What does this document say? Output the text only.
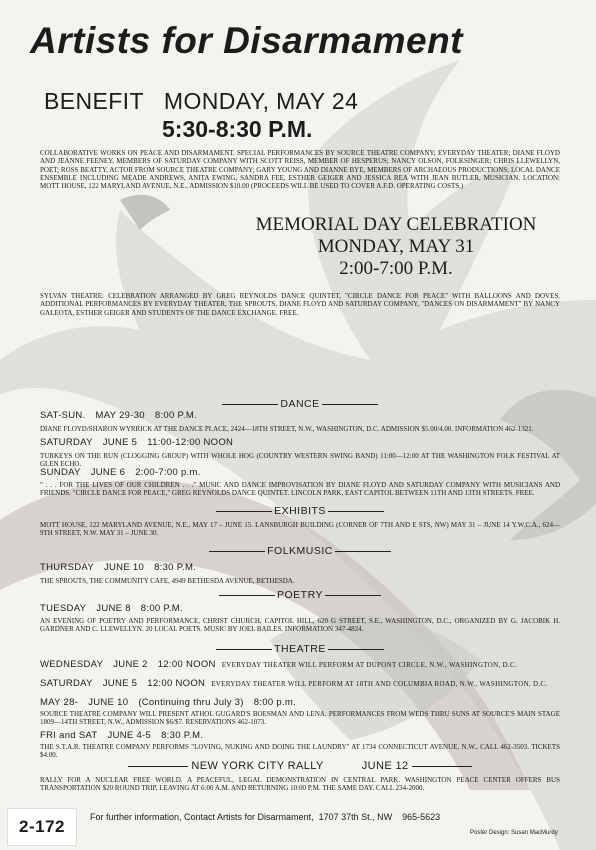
Artists for Disarmament
BENEFIT MONDAY, MAY 24
5:30-8:30 P.M.
COLLABORATIVE WORKS ON PEACE AND DISARMAMENT. SPECIAL PERFORMANCES BY SOURCE THEATRE COMPANY; EVERYDAY THEATER; DIANE FLOYD AND JEANNE FEENEY, MEMBERS OF SATURDAY COMPANY WITH SCOTT REISS, MEMBER OF HESPERUS; NANCY OLSON, FOLKSINGER; CHRIS LLEWELLYN, POET; ROSS BEATTY, ACTOR FROM SOURCE THEATRE COMPANY; GARY YOUNG AND DIANNE BYE, MEMBERS OF ARCHAEOUS PRODUCTIONS; LOCAL DANCE ENSEMBLE INCLUDING MEADE ANDREWS, ANITA EWING, SANDRA FEE, ESTHER GEIGER AND JESSICA REA WITH JEAN BUTLER, MUSICIAN. LOCATION: MOTT HOUSE, 122 MARYLAND AVENUE, N.E., ADMISSION $10.00 (PROCEEDS WILL BE USED TO COVER A.F.D. OPERATING COSTS.)
MEMORIAL DAY CELEBRATION
MONDAY, MAY 31
2:00-7:00 P.M.
SYLVAN THEATRE: CELEBRATION ARRANGED BY GREG REYNOLDS DANCE QUINTET, "CIRCLE DANCE FOR PEACE" WITH BALLOONS AND DOVES. ADDITIONAL PERFORMANCES BY EVERYDAY THEATER, THE SPROUTS, DIANE FLOYD AND SATURDAY COMPANY, "DANCES ON DISARMAMENT" BY NANCY GALEOTA, ESTHER GEIGER AND STUDENTS OF THE DANCE EXCHANGE. FREE.
DANCE
SAT-SUN. MAY 29-30 8:00 P.M.
DIANE FLOYD/SHARON WYRRICK AT THE DANCE PLACE, 2424—18TH STREET, N.W., WASHINGTON, D.C. ADMISSION $5.00/4.00. INFORMATION 462-1321.
SATURDAY JUNE 5 11:00-12:00 NOON
TURKEYS ON THE RUN (CLOGGING GROUP) WITH WHOLE HOG (COUNTRY WESTERN SWING BAND) 11:00—12:00 AT THE WASHINGTON FOLK FESTIVAL AT GLEN ECHO.
SUNDAY JUNE 6 2:00-7:00 p.m.
" . . . FOR THE LIVES OF OUR CHILDREN . . ." MUSIC AND DANCE IMPROVISATION BY DIANE FLOYD AND SATURDAY COMPANY WITH MUSICIANS AND FRIENDS. "CIRCLE DANCE FOR PEACE," GREG REYNOLDS DANCE QUINTET. LINCOLN PARK, EAST CAPITOL BETWEEN 11TH AND 13TH STREETS. FREE.
EXHIBITS
MOTT HOUSE, 122 MARYLAND AVENUE, N.E., MAY 17 – JUNE 15. LANSBURGH BUILDING (CORNER OF 7TH AND E STS, NW) MAY 31 – JUNE 14 Y.W.C.A., 624—9TH STREET, N.W. MAY 31 – JUNE 30.
FOLKMUSIC
THURSDAY JUNE 10 8:30 P.M.
THE SPROUTS, THE COMMUNITY CAFE, 4949 BETHESDA AVENUE, BETHESDA.
POETRY
TUESDAY JUNE 8 8:00 P.M.
AN EVENING OF POETRY AND PERFORMANCE, CHRIST CHURCH, CAPITOL HILL, 620 G STREET, S.E., WASHINGTON, D.C., ORGANIZED BY G. JACOBIK H. GARDNER AND C. LLEWELLYN. 20 LOCAL POETS. MUSIC BY JOEL BAILES. INFORMATION 347-4824.
THEATRE
WEDNESDAY JUNE 2 12:00 NOON EVERYDAY THEATER WILL PERFORM AT DUPONT CIRCLE, N.W., WASHINGTON, D.C.
SATURDAY JUNE 5 12:00 NOON EVERYDAY THEATER WILL PERFORM AT 18TH AND COLUMBIA ROAD, N.W., WASHINGTON, D.C.
MAY 28- JUNE 10 (Continuing thru July 3) 8:00 p.m.
SOURCE THEATRE COMPANY WILL PRESENT ATHOL GUGARD'S BOESMAN AND LENA. PERFORMANCES FROM WEDS THRU SUNS AT SOURCE'S MAIN STAGE 1809—14TH STREET, N.W., ADMISSION $6/$7. RESERVATIONS 462-1073.
FRI and SAT JUNE 4-5 8:30 P.M.
THE S.T.A.R. THEATRE COMPANY PERFORMS "LOVING, NUKING AND DOING THE LAUNDRY" AT 1734 CONNECTICUT AVENUE, N.W., CALL 462-3503. TICKETS $4.00.
NEW YORK CITY RALLY	JUNE 12
RALLY FOR A NUCLEAR FREE WORLD. A PEACEFUL, LEGAL DEMONSTRATION IN CENTRAL PARK. WASHINGTON PEACE CENTER OFFERS BUS TRANSPORTATION $20 ROUND TRIP, LEAVING AT 6:00 A.M. AND RETURNING 10:00 P.M. THE SAME DAY. CALL 234-2000.
For further information, Contact Artists for Disarmament, 1707 37th St., NW 965-5623
Poster Design: Susan MacMurdy
2-172
